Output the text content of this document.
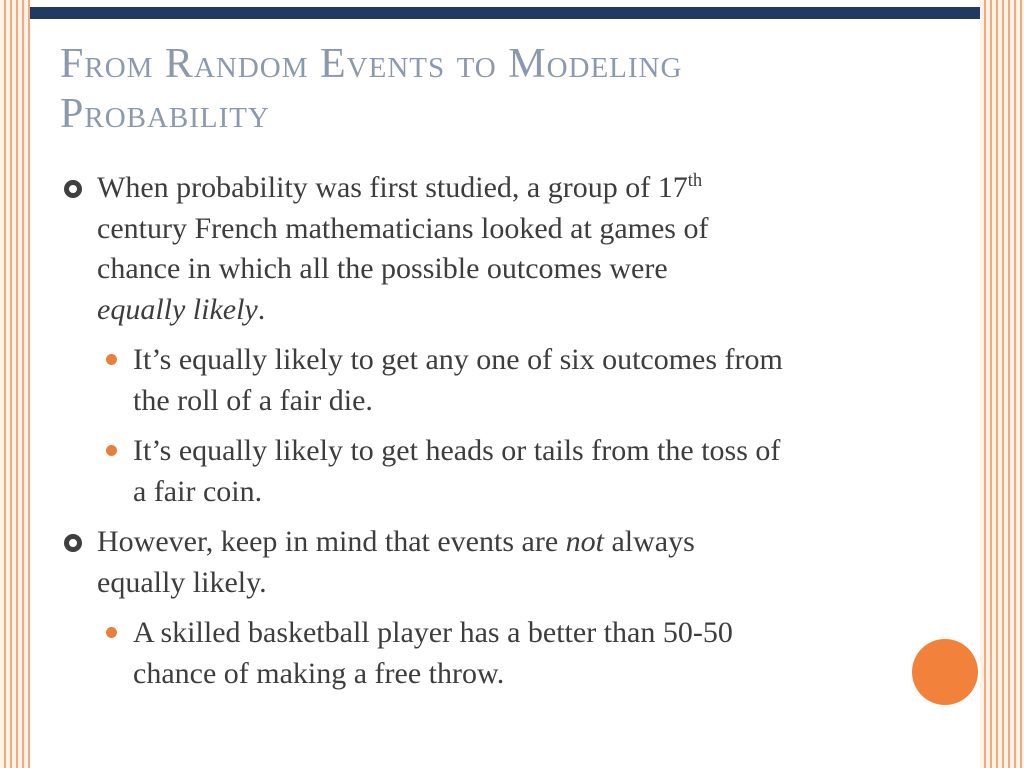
From Random Events to Modeling Probability
When probability was first studied, a group of 17th century French mathematicians looked at games of chance in which all the possible outcomes were equally likely.
It’s equally likely to get any one of six outcomes from the roll of a fair die.
It’s equally likely to get heads or tails from the toss of a fair coin.
However, keep in mind that events are not always equally likely.
A skilled basketball player has a better than 50-50 chance of making a free throw.
